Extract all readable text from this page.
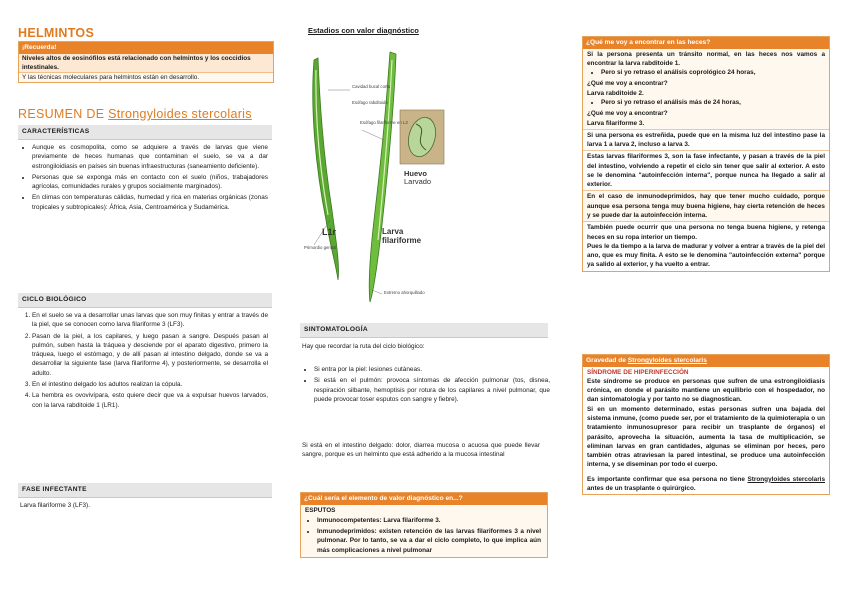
HELMINTOS
¡Recuerda!
Niveles altos de eosinófilos está relacionado con helmintos y los coccidios intestinales.
Y las técnicas moleculares para helmintos están en desarrollo.
RESUMEN DE Strongyloides stercolaris
CARACTERÍSTICAS
• Aunque es cosmopolita, como se adquiere a través de larvas que viene previamente de heces humanas que contaminan el suelo, se va a dar estrongiloidiasis en países sin buenas infraestructuras (saneamiento deficiente).
• Personas que se exponga más en contacto con el suelo (niños, trabajadores agrícolas, comunidades rurales y grupos socialmente marginados).
• En climas con temperaturas cálidas, humedad y rica en materias orgánicas (zonas tropicales y subtropicales): África, Asia, Centroamérica y Sudamérica.
CICLO BIOLÓGICO
1. En el suelo se va a desarrollar unas larvas que son muy finitas y entrar a través de la piel, que se conocen como larva filariforme 3 (LF3).
2. Pasan de la piel, a los capilares, y luego pasan a sangre. Después pasan al pulmón, suben hasta la tráquea y desciende por el aparato digestivo, primero la tráquea, luego el estómago, y de allí pasan al intestino delgado, donde se va a desarrollar la siguiente fase (larva filariforme 4), y posteriormente, se desarrolla el adulto.
3. En el intestino delgado los adultos realizan la cópula.
4. La hembra es ovovivípara, esto quiere decir que va a expulsar huevos larvados, con la larva rabditoide 1 (LR1).
FASE INFECTANTE

Larva filariforme 3 (LF3).

Estadios con valor diagnóstico
Cavidad bucal corta
Esófago rabditoide
Esófago filariforme en L3
Primordio genital
Extremo ahorquillado
L1r	Larva
filariforme
Huevo
Larvado
SINTOMATOLOGÍA

Hay que recordar la ruta del ciclo biológico:

• Si entra por la piel: lesiones cutáneas.
• Si está en el pulmón: provoca síntomas de afección pulmonar (tos, disnea, respiración silbante, hemoptisis por rotura de los capilares a nivel pulmonar, que puede provocar toser esputos con sangre y fiebre).

Si está en el intestino delgado: dolor, diarrea mucosa o acuosa que puede llevar sangre, porque es un helminto que está adherido a la mucosa intestinal

¿Cuál sería el elemento de valor diagnóstico en...?
ESPUTOS
• Inmunocompetentes: Larva filariforme 3.
• Inmunodeprimidos: existen retención de las larvas filariformes 3 a nivel pulmonar. Por lo tanto, se va a dar el ciclo completo, lo que implica aún más complicaciones a nivel pulmonar
¿Qué me voy a encontrar en las heces?

Si la persona presenta un tránsito normal, en las heces nos vamos a encontrar la larva rabditoide 1.

• Pero si yo retraso el análisis coprológico 24 horas,
¿Qué me voy a encontrar?
Larva rabditoide 2.
• Pero si yo retraso el análisis más de 24 horas,
¿Qué me voy a encontrar?
Larva filariforme 3.

Si una persona es estreñida, puede que en la misma luz del intestino pase la larva 1 a larva 2, incluso a larva 3.

Estas larvas filariformes 3, son la fase infectante, y pasan a través de la piel del intestino, volviendo a repetir el ciclo sin tener que salir al exterior. A esto se le denomina "autoinfección interna", porque nunca ha llegado a salir al exterior.

En el caso de inmunodeprimidos, hay que tener mucho cuidado, porque aunque esa persona tenga muy buena higiene, hay cierta retención de heces y se puede dar la autoinfección interna.

También puede ocurrir que una persona no tenga buena higiene, y retenga heces en su ropa interior un tiempo.

Pues le da tiempo a la larva de madurar y volver a entrar a través de la piel del ano, que es muy finita. A esto se le denomina "autoinfección externa" porque ya salido al exterior, y ha vuelto a entrar.

Gravedad de Strongyloides stercolaris
SÍNDROME DE HIPERINFECCIÓN

Este síndrome se produce en personas que sufren de una estrongiloidiasis crónica, en donde el parásito mantiene un equilibrio con el hospedador, no dan sintomatología y por tanto no se diagnostican.

Si en un momento determinado, estas personas sufren una bajada del sistema inmune, (como puede ser, por el tratamiento de la quimioterapia o un tratamiento inmunosupresor para recibir un trasplante de órganos) el parásito, aprovecha la situación, aumenta la tasa de multiplicación, se eliminan larvas en gran cantidades, algunas se eliminan por heces, pero también otras atraviesan la pared intestinal, se produce una autoinfección interna, y se diseminan por todo el cuerpo.

Es importante confirmar que esa persona no tiene Strongyloides stercolaris antes de un trasplante o quirúrgico.
